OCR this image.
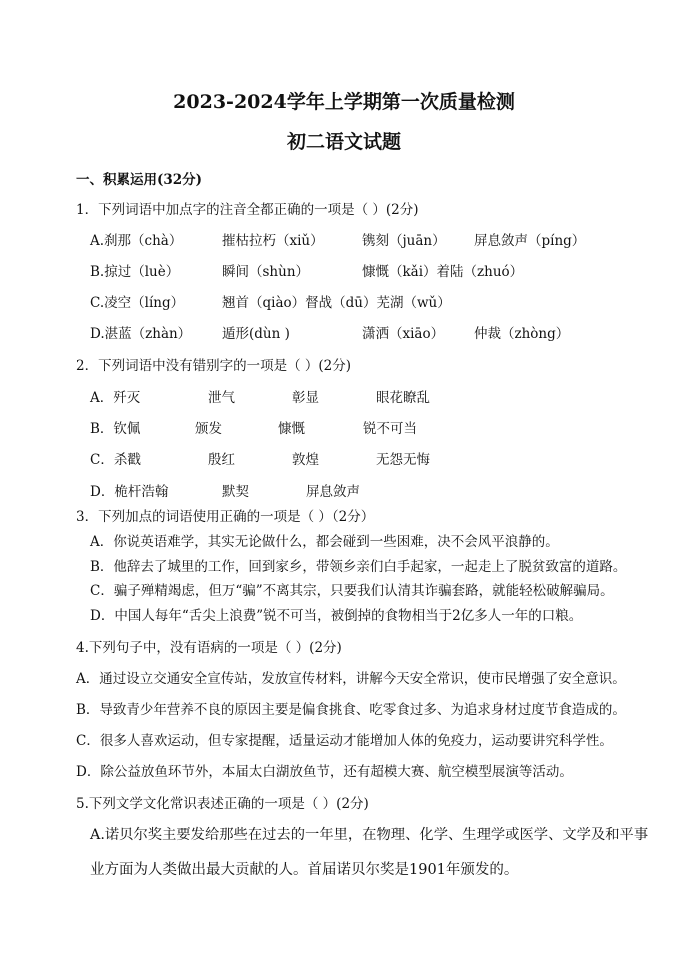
2023-2024学年上学期第一次质量检测
初二语文试题
一、积累运用(32分)
1．下列词语中加点字的注音全都正确的一项是（ ）(2分)
A.刹那（chà）	摧枯拉朽（xiǔ）	镌刻（juān） 屏息敛声（píng）
B.掠过（luè）	瞬间（shùn）	慷慨（kǎi）着陆（zhuó）
C.凌空（líng）	翘首（qiào）督战（dū）芜湖（wǔ）
D.湛蓝（zhàn） 遁形(dùn )	潇洒（xiāo） 仲裁（zhòng）
2．下列词语中没有错别字的一项是（ ）(2分)
A．歼灭	泄气	彰显	眼花瞭乱
B．钦佩	颁发	慷慨	锐不可当
C．杀戳	殷红	敦煌	无怨无悔
D．桅杆浩翰	默契	屏息敛声
3．下列加点的词语使用正确的一项是（ ）（2分）
A．你说英语难学，其实无论做什么，都会碰到一些困难，决不会风平浪静的。
B．他辞去了城里的工作，回到家乡，带领乡亲们白手起家，一起走上了脱贫致富的道路。
C．骗子殚精竭虑，但万“骗”不离其宗，只要我们认清其诈骗套路，就能轻松破解骗局。
D．中国人每年“舌尖上浪费”锐不可当，被倒掉的食物相当于2亿多人一年的口粮。
4.下列句子中，没有语病的一项是（ ）(2分)
A．通过设立交通安全宣传站，发放宣传材料，讲解今天安全常识，使市民增强了安全意识。
B．导致青少年营养不良的原因主要是偏食挑食、吃零食过多、为追求身材过度节食造成的。
C．很多人喜欢运动，但专家提醒，适量运动才能增加人体的免疫力，运动要讲究科学性。
D．除公益放鱼环节外，本届太白湖放鱼节，还有超模大赛、航空模型展演等活动。
5.下列文学文化常识表述正确的一项是（ ）(2分)
A.诺贝尔奖主要发给那些在过去的一年里，在物理、化学、生理学或医学、文学及和平事
业方面为人类做出最大贡献的人。首届诺贝尔奖是1901年颁发的。
